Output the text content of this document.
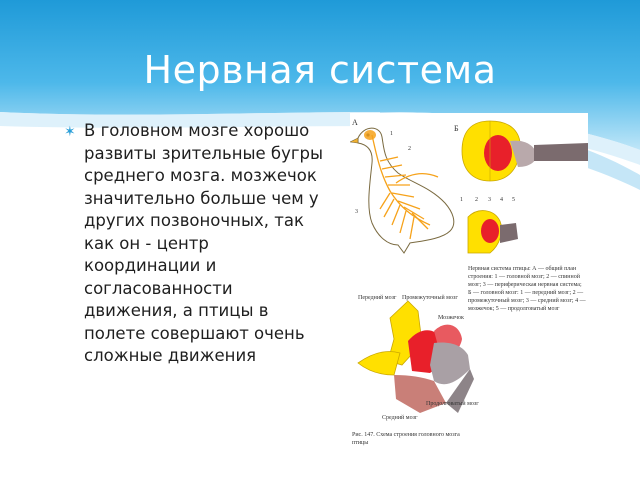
Нервная система
✶ В головном мозге хорошо развиты зрительные бугры среднего мозга. мозжечок значительно больше чем у других позвоночных, так как он - центр координации и согласованности движения, а птицы в полете совершают очень сложные движения
А
1
2
3
Б
1 2 3 4 5
Передний мозг Промежуточный мозг
Мозжечок
Средний мозг
Продолговатый мозг
Нервная система птицы: А — общий план строения: 1 — головной мозг; 2 — спинной мозг; 3 — периферическая нервная система; Б — головной мозг: 1 — передний мозг; 2 — промежуточный мозг; 3 — средний мозг; 4 — мозжечок; 5 — продолговатый мозг
Рис. 147. Схема строения головного мозга птицы
